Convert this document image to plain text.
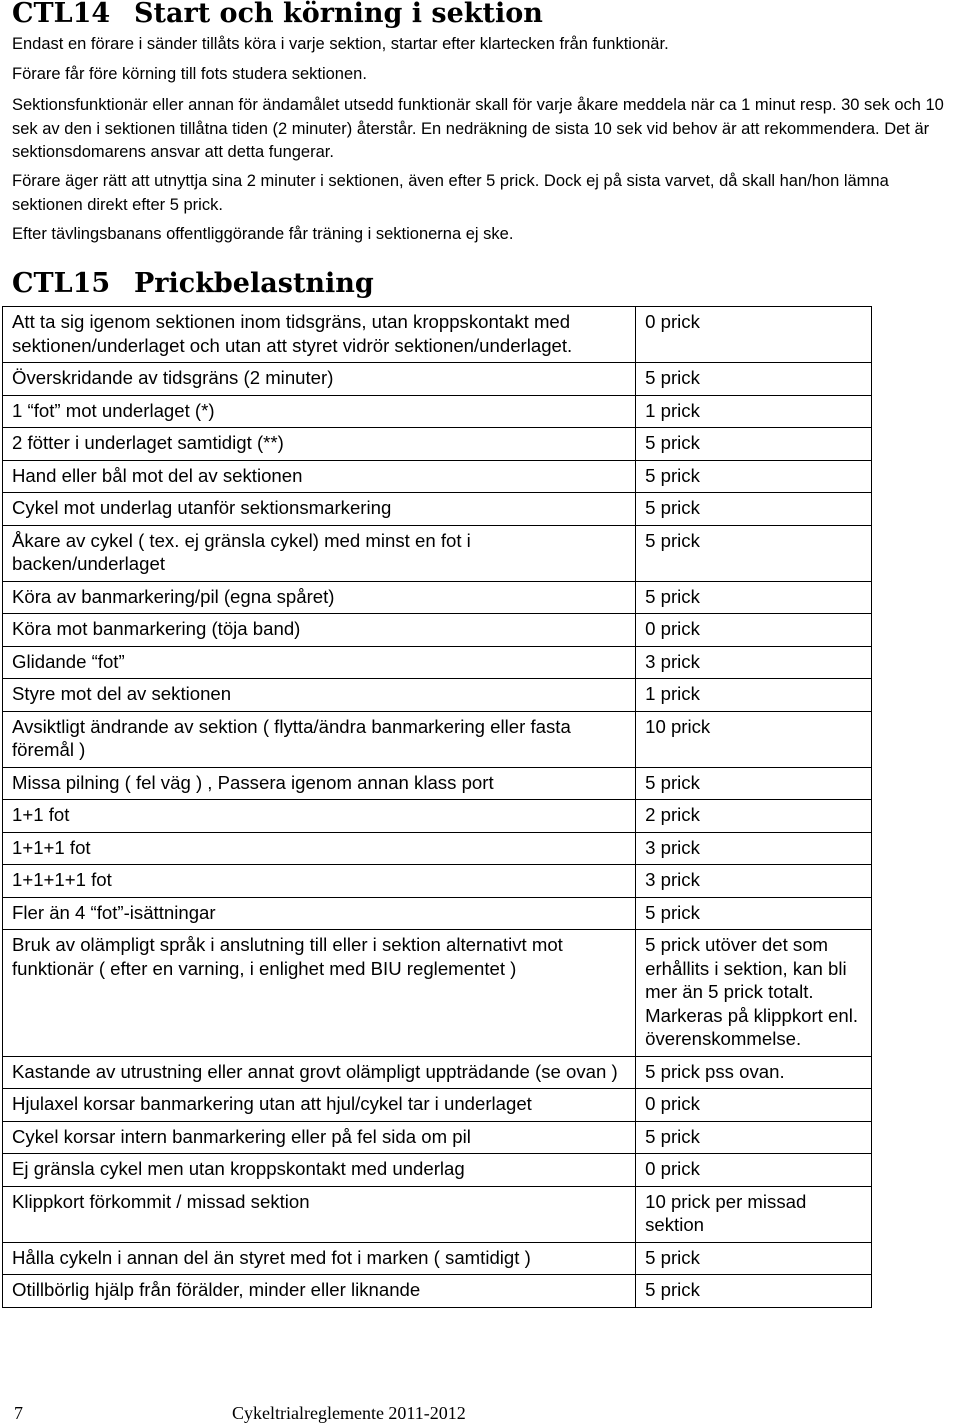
CTL14 Start och körning i sektion

Endast en förare i sänder tillåts köra i varje sektion, startar efter klartecken från funktionär.

Förare får före körning till fots studera sektionen.

Sektionsfunktionär eller annan för ändamålet utsedd funktionär skall för varje åkare meddela när ca 1 minut resp. 30 sek och 10 sek av den i sektionen tillåtna tiden (2 minuter) återstår. En nedräkning de sista 10 sek vid behov är att rekommendera. Det är sektionsdomarens ansvar att detta fungerar.

Förare äger rätt att utnyttja sina 2 minuter i sektionen, även efter 5 prick. Dock ej på sista varvet, då skall han/hon lämna sektionen direkt efter 5 prick.

Efter tävlingsbanans offentliggörande får träning i sektionerna ej ske.

CTL15 Prickbelastning
Att ta sig igenom sektionen inom tidsgräns, utan kroppskontakt med sektionen/underlaget och utan att styret vidrör sektionen/underlaget.	0 prick
Överskridande av tidsgräns (2 minuter)	5 prick
1 “fot” mot underlaget (*)	1 prick
2 fötter i underlaget samtidigt (**)	5 prick
Hand eller bål mot del av sektionen	5 prick
Cykel mot underlag utanför sektionsmarkering	5 prick
Åkare av cykel ( tex. ej gränsla cykel) med minst en fot i backen/underlaget	5 prick
Köra av banmarkering/pil (egna spåret)	5 prick
Köra mot banmarkering (töja band)	0 prick
Glidande “fot”	3 prick
Styre mot del av sektionen	1 prick
Avsiktligt ändrande av sektion ( flytta/ändra banmarkering eller fasta föremål )	10 prick
Missa pilning ( fel väg ) , Passera igenom annan klass port	5 prick
1+1 fot	2 prick
1+1+1 fot	3 prick
1+1+1+1 fot	3 prick
Fler än 4 “fot”-isättningar	5 prick
Bruk av olämpligt språk i anslutning till eller i sektion alternativt mot funktionär ( efter en varning, i enlighet med BIU reglementet )	5 prick utöver det som erhållits i sektion, kan bli mer än 5 prick totalt. Markeras på klippkort enl. överenskommelse.
Kastande av utrustning eller annat grovt olämpligt uppträdande (se ovan )	5 prick pss ovan.
Hjulaxel korsar banmarkering utan att hjul/cykel tar i underlaget	0 prick
Cykel korsar intern banmarkering eller på fel sida om pil	5 prick
Ej gränsla cykel men utan kroppskontakt med underlag	0 prick
Klippkort förkommit / missad sektion	10 prick per missad sektion
Hålla cykeln i annan del än styret med fot i marken ( samtidigt )	5 prick
Otillbörlig hjälp från förälder, minder eller liknande	5 prick
7	Cykeltrialreglemente 2011-2012
